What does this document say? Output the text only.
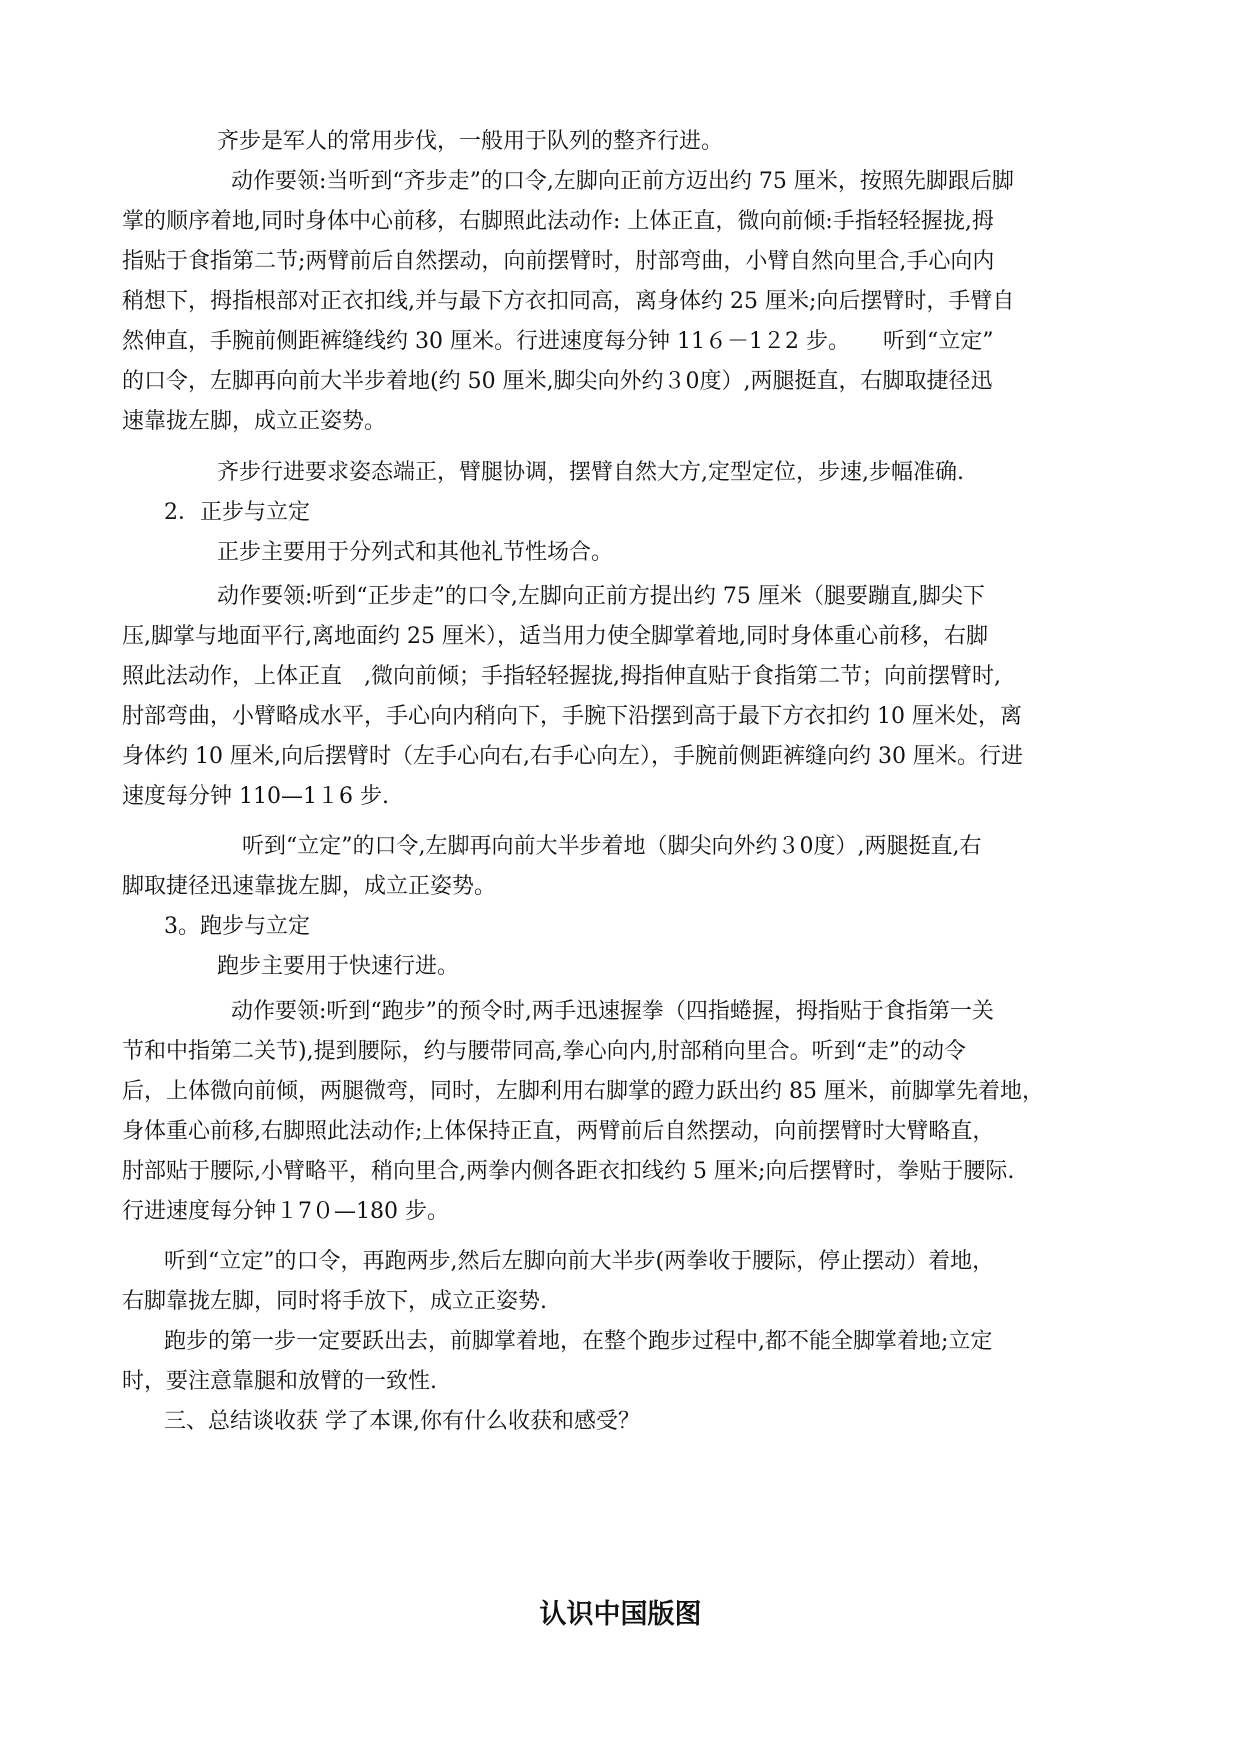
齐步是军人的常用步伐，一般用于队列的整齐行进。
动作要领:当听到“齐步走”的口令,左脚向正前方迈出约 75 厘米，按照先脚跟后脚
掌的顺序着地,同时身体中心前移，右脚照此法动作: 上体正直，微向前倾:手指轻轻握拢,拇
指贴于食指第二节;两臂前后自然摆动，向前摆臂时，肘部弯曲，小臂自然向里合,手心向内
稍想下，拇指根部对正衣扣线,并与最下方衣扣同高，离身体约 25 厘米;向后摆臂时，手臂自
然伸直，手腕前侧距裤缝线约 30 厘米。行进速度每分钟 11６－1２2 步。　　听到“立定”
的口令，左脚再向前大半步着地(约 50 厘米,脚尖向外约３0度）,两腿挺直，右脚取捷径迅
速靠拢左脚，成立正姿势。
齐步行进要求姿态端正，臂腿协调，摆臂自然大方,定型定位，步速,步幅准确.
2．正步与立定
正步主要用于分列式和其他礼节性场合。
动作要领:听到“正步走”的口令,左脚向正前方提出约 75 厘米（腿要蹦直,脚尖下
压,脚掌与地面平行,离地面约 25 厘米），适当用力使全脚掌着地,同时身体重心前移，右脚
照此法动作，上体正直　,微向前倾；手指轻轻握拢,拇指伸直贴于食指第二节；向前摆臂时,
肘部弯曲，小臂略成水平，手心向内稍向下，手腕下沿摆到高于最下方衣扣约 10 厘米处，离
身体约 10 厘米,向后摆臂时（左手心向右,右手心向左），手腕前侧距裤缝向约 30 厘米。行进
速度每分钟 110—1１6 步.
听到“立定”的口令,左脚再向前大半步着地（脚尖向外约３0度）,两腿挺直,右
脚取捷径迅速靠拢左脚，成立正姿势。
3。跑步与立定
跑步主要用于快速行进。
动作要领:听到“跑步”的预令时,两手迅速握拳（四指蜷握，拇指贴于食指第一关
节和中指第二关节),提到腰际，约与腰带同高,拳心向内,肘部稍向里合。听到“走”的动令
后，上体微向前倾，两腿微弯，同时，左脚利用右脚掌的蹬力跃出约 85 厘米，前脚掌先着地，
身体重心前移,右脚照此法动作;上体保持正直，两臂前后自然摆动，向前摆臂时大臂略直，
肘部贴于腰际,小臂略平，稍向里合,两拳内侧各距衣扣线约 5 厘米;向后摆臂时，拳贴于腰际.
行进速度每分钟１7０—180 步。
听到“立定”的口令，再跑两步,然后左脚向前大半步(两拳收于腰际，停止摆动）着地，
右脚靠拢左脚，同时将手放下，成立正姿势.
跑步的第一步一定要跃出去，前脚掌着地，在整个跑步过程中,都不能全脚掌着地;立定
时，要注意靠腿和放臂的一致性.
三、总结谈收获 学了本课,你有什么收获和感受？
认识中国版图
